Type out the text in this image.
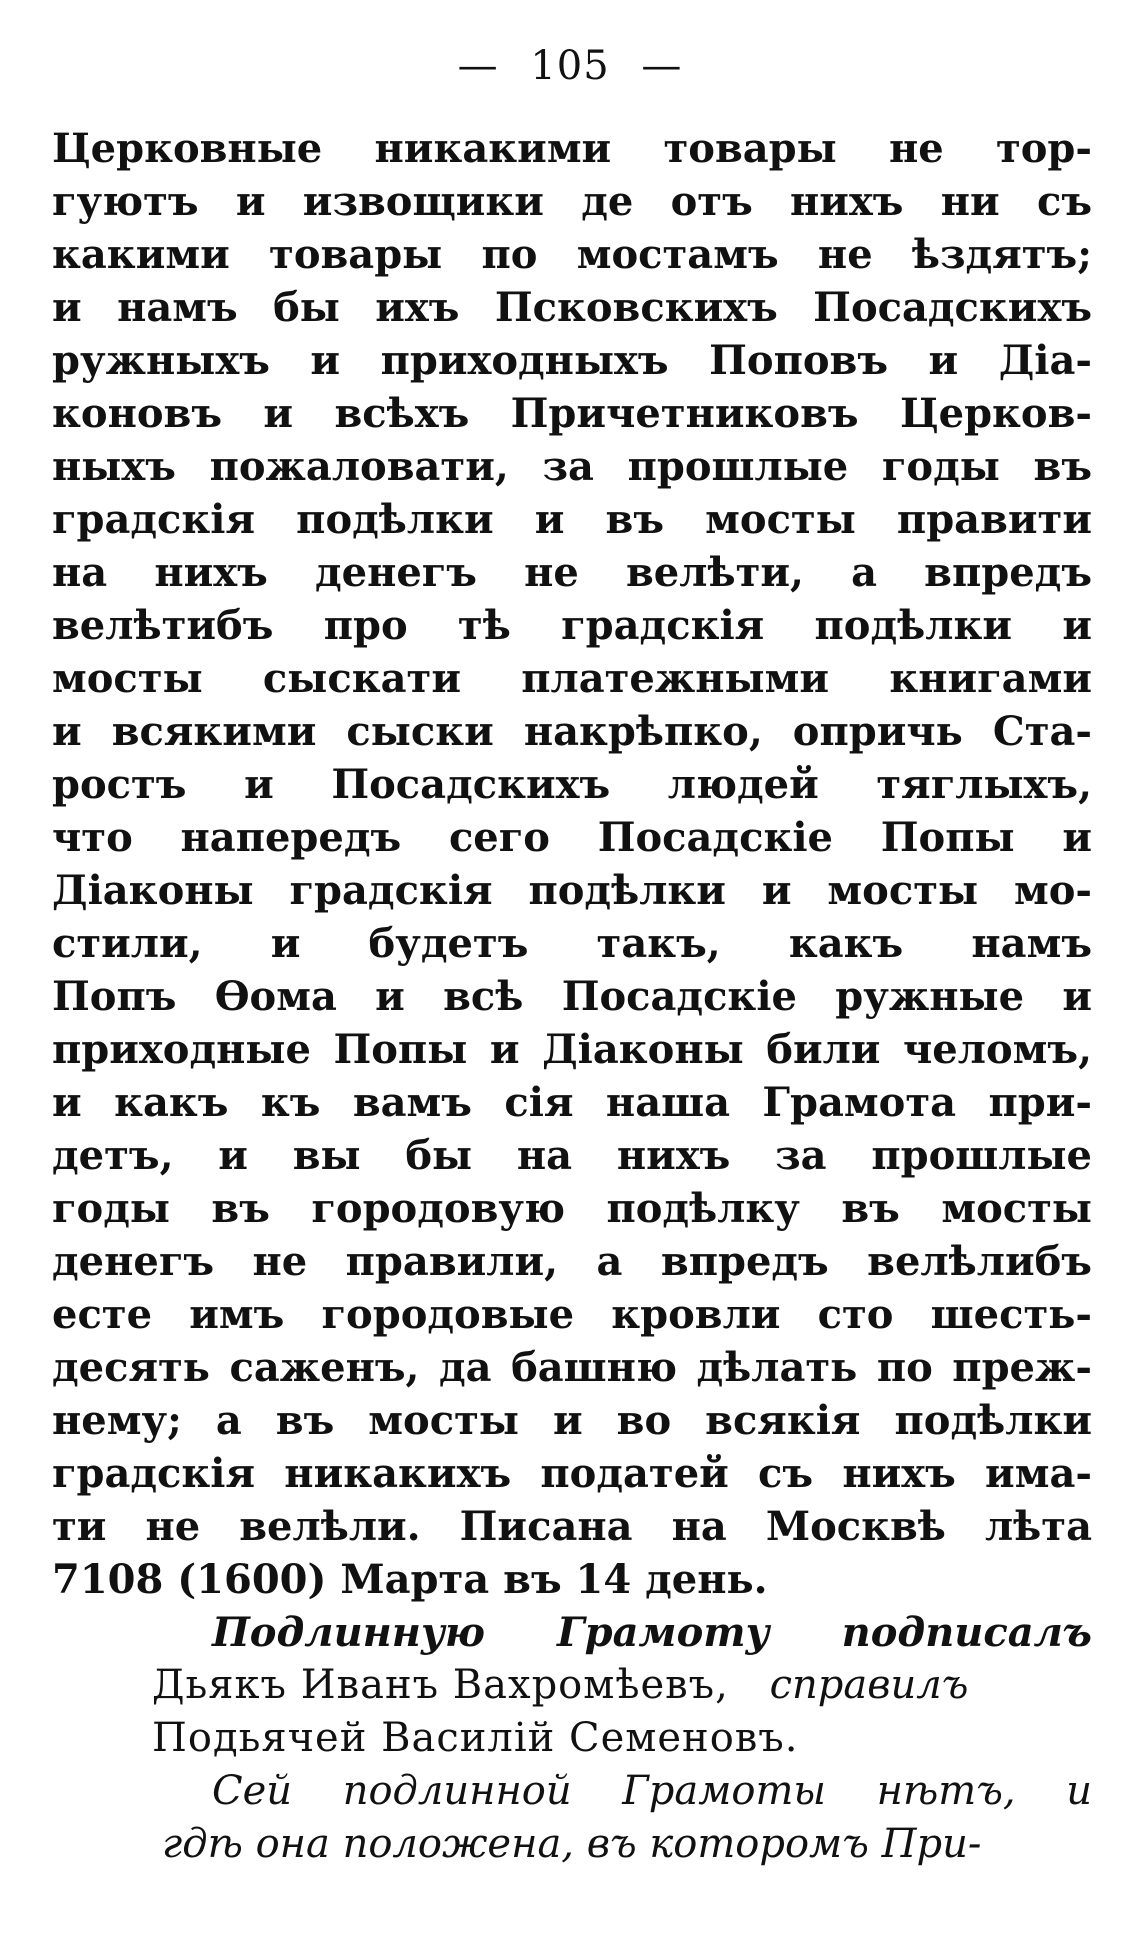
— 105 —
Церковные никакими товары не тор-
гуютъ и извощики де отъ нихъ ни съ
какими товары по мостамъ не ѣздятъ;
и намъ бы ихъ Псковскихъ Посадскихъ
ружныхъ и приходныхъ Поповъ и Діа-
коновъ и всѣхъ Причетниковъ Церков-
ныхъ пожаловати, за прошлые годы въ
градскія подѣлки и въ мосты правити
на нихъ денегъ не велѣти, а впредъ
велѣтибъ про тѣ градскія подѣлки и
мосты сыскати платежными книгами
и всякими сыски накрѣпко, опричь Ста-
ростъ и Посадскихъ людей тяглыхъ,
что напередъ сего Посадскіе Попы и
Діаконы градскія подѣлки и мосты мо-
стили, и будетъ такъ, какъ намъ
Попъ Ѳома и всѣ Посадскіе ружные и
приходные Попы и Діаконы били челомъ,
и какъ къ вамъ сія наша Грамота при-
детъ, и вы бы на нихъ за прошлые
годы въ городовую подѣлку въ мосты
денегъ не правили, а впредъ велѣлибъ
есте имъ городовые кровли сто шесть-
десять саженъ, да башню дѣлать по преж-
нему; а въ мосты и во всякія подѣлки
градскія никакихъ податей съ нихъ има-
ти не велѣли. Писана на Москвѣ лѣта
7108 (1600) Марта въ 14 день.
Подлинную Грамоту подписалъ
Дьякъ Иванъ Вахромѣевъ, справилъ
Подьячей Василій Семеновъ.
Сей подлинной Грамоты нѣтъ, и
гдѣ она положена, въ которомъ При-
